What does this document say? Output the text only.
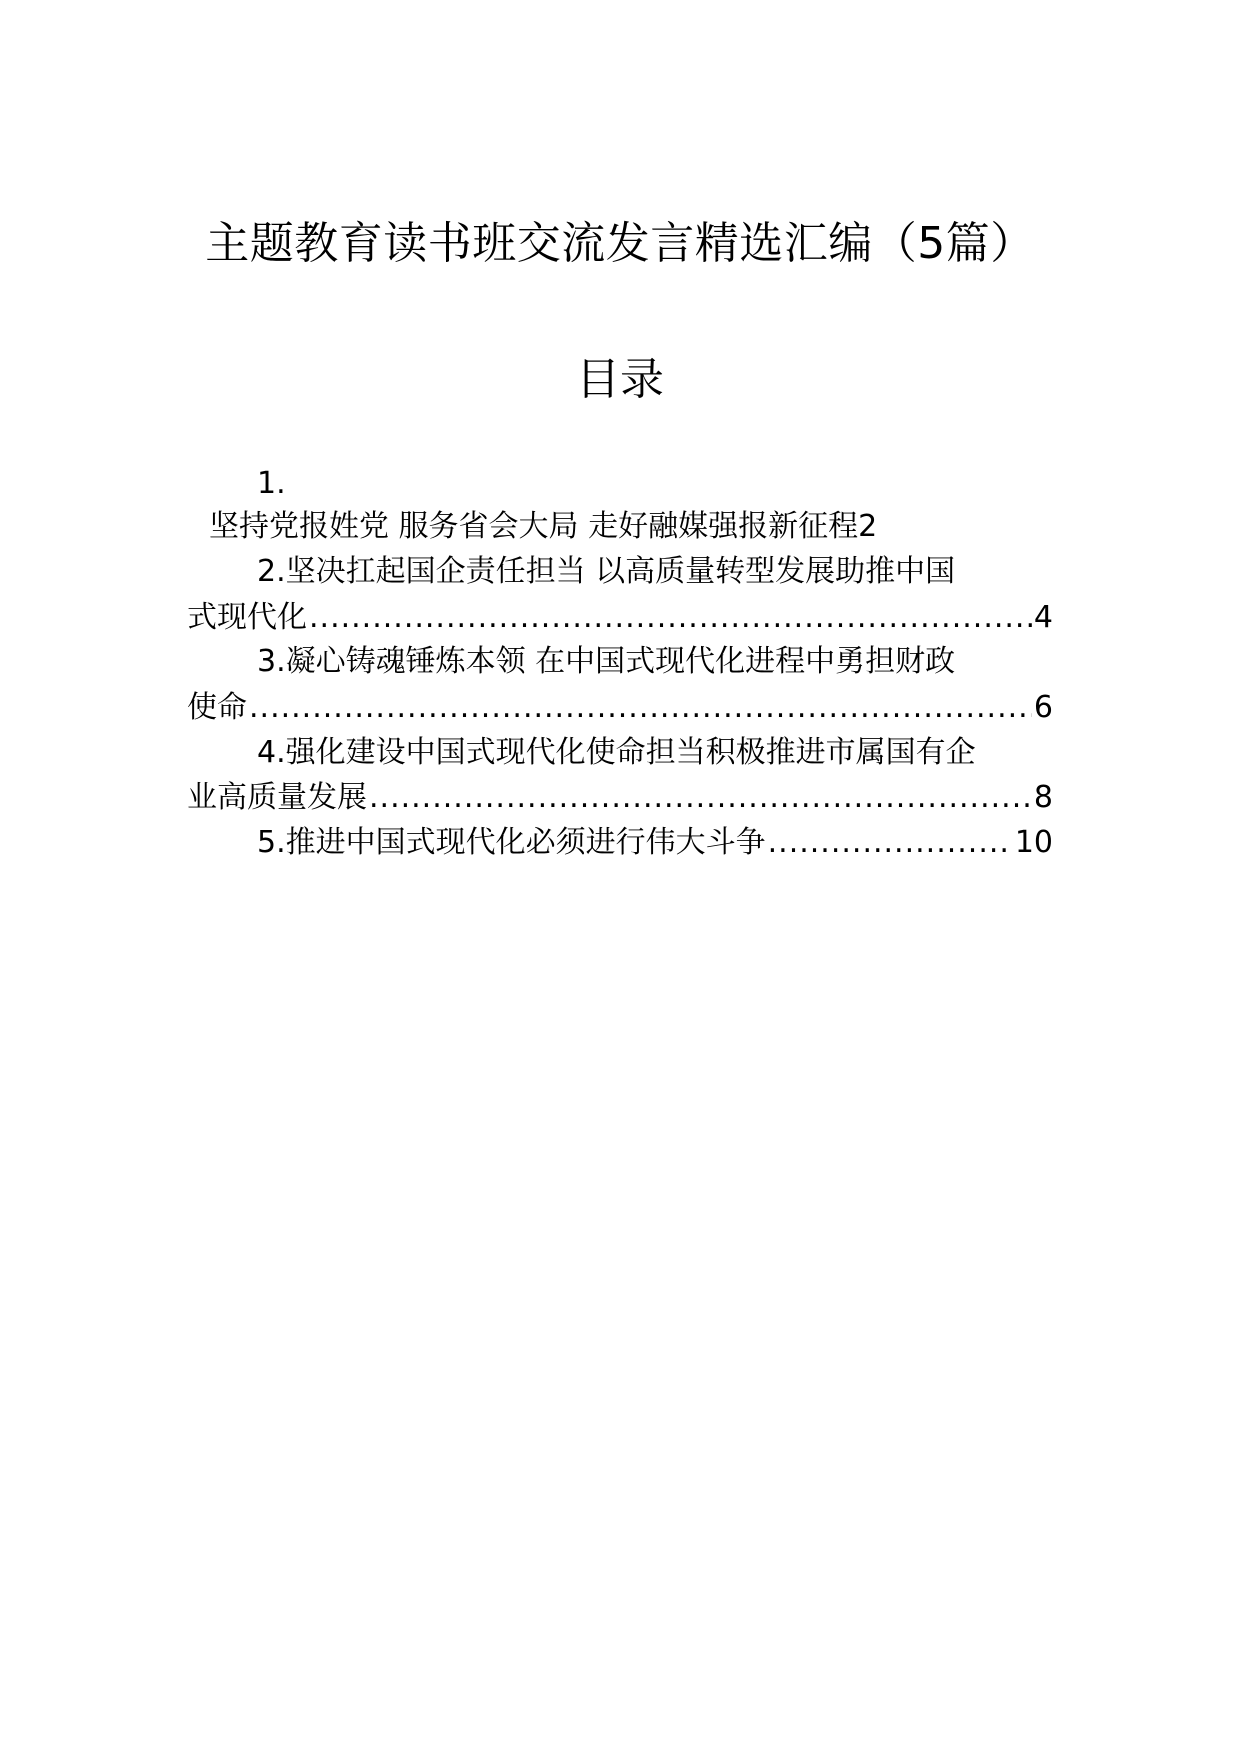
主题教育读书班交流发言精选汇编（5篇）
目录
1.
坚持党报姓党 服务省会大局 走好融媒强报新征程 2
2.坚决扛起国企责任担当 以高质量转型发展助推中国
式现代化 .....	4
3.凝心铸魂锤炼本领 在中国式现代化进程中勇担财政
使命 .....	6
4.强化建设中国式现代化使命担当积极推进市属国有企
业高质量发展 .....	8
5.推进中国式现代化必须进行伟大斗争 .....	10
